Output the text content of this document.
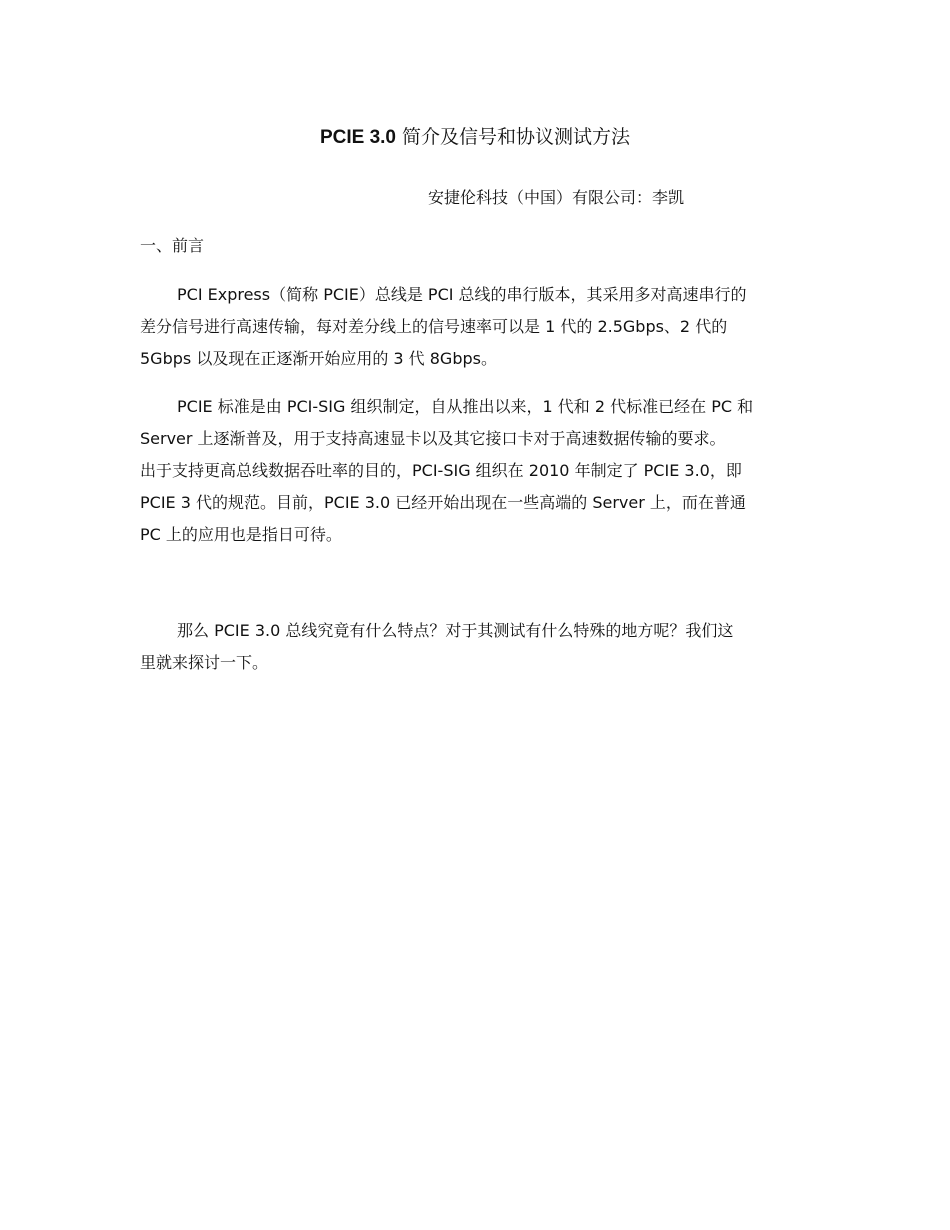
PCIE 3.0 简介及信号和协议测试方法
安捷伦科技（中国）有限公司：李凯
一、前言
PCI Express（简称 PCIE）总线是 PCI 总线的串行版本，其采用多对高速串行的
差分信号进行高速传输，每对差分线上的信号速率可以是 1 代的 2.5Gbps、2 代的
5Gbps 以及现在正逐渐开始应用的 3 代 8Gbps。
PCIE 标准是由 PCI-SIG 组织制定，自从推出以来，1 代和 2 代标准已经在 PC 和
Server 上逐渐普及，用于支持高速显卡以及其它接口卡对于高速数据传输的要求。
出于支持更高总线数据吞吐率的目的，PCI-SIG 组织在 2010 年制定了 PCIE 3.0，即
PCIE 3 代的规范。目前，PCIE 3.0 已经开始出现在一些高端的 Server 上，而在普通
PC 上的应用也是指日可待。
那么 PCIE 3.0 总线究竟有什么特点？对于其测试有什么特殊的地方呢？我们这
里就来探讨一下。
